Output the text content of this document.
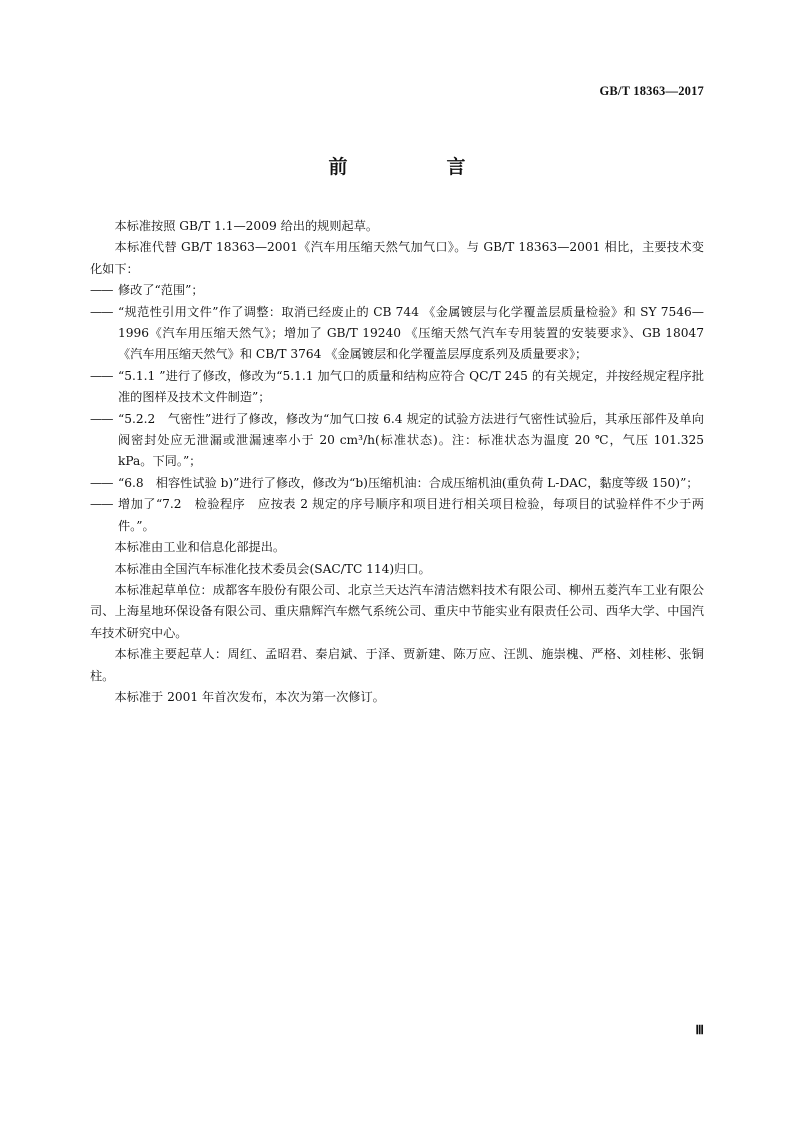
GB/T 18363—2017
前　言

本标准按照 GB/T 1.1—2009 给出的规则起草。

本标准代替 GB/T 18363—2001《汽车用压缩天然气加气口》。与 GB/T 18363—2001 相比，主要技术变化如下：

—— 修改了“范围”；
—— “规范性引用文件”作了调整：取消已经废止的 CB 744 《金属镀层与化学覆盖层质量检验》和 SY 7546—1996《汽车用压缩天然气》；增加了 GB/T 19240 《压缩天然气汽车专用装置的安装要求》、GB 18047《汽车用压缩天然气》和 CB/T 3764 《金属镀层和化学覆盖层厚度系列及质量要求》；
—— “5.1.1 ”进行了修改，修改为“5.1.1 加气口的质量和结构应符合 QC/T 245 的有关规定，并按经规定程序批准的图样及技术文件制造”；
—— “5.2.2　气密性”进行了修改，修改为“加气口按 6.4 规定的试验方法进行气密性试验后，其承压部件及单向阀密封处应无泄漏或泄漏速率小于 20 cm³/h(标准状态)。注：标准状态为温度 20 ℃，气压 101.325 kPa。下同。”；
—— “6.8　相容性试验 b)”进行了修改，修改为“b)压缩机油：合成压缩机油(重负荷 L-DAC，黏度等级 150)”；
—— 增加了“7.2　检验程序　应按表 2 规定的序号顺序和项目进行相关项目检验，每项目的试验样件不少于两件。”。

本标准由工业和信息化部提出。

本标准由全国汽车标准化技术委员会(SAC/TC 114)归口。

本标准起草单位：成都客车股份有限公司、北京兰天达汽车清洁燃料技术有限公司、柳州五菱汽车工业有限公司、上海星地环保设备有限公司、重庆鼎辉汽车燃气系统公司、重庆中节能实业有限责任公司、西华大学、中国汽车技术研究中心。

本标准主要起草人：周红、孟昭君、秦启斌、于泽、贾新建、陈万应、汪凯、施崇槐、严格、刘桂彬、张铜柱。

本标准于 2001 年首次发布，本次为第一次修订。

Ⅲ
